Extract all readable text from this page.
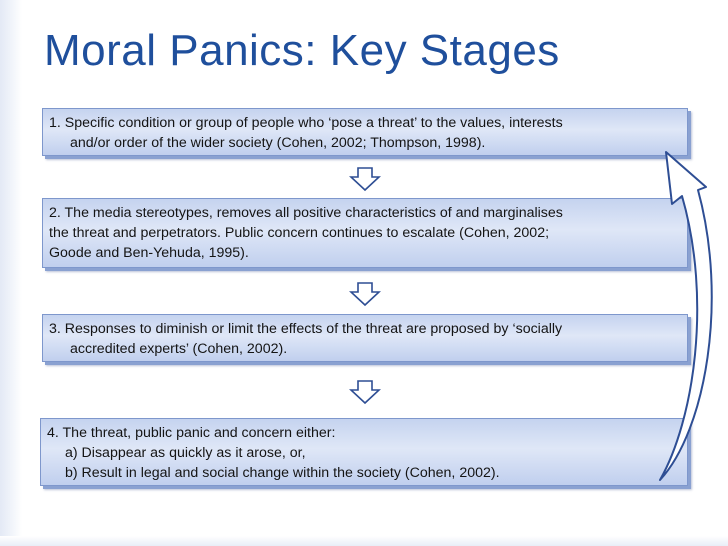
Moral Panics: Key Stages
1. Specific condition or group of people who ‘pose a threat’ to the values, interests
and/or order of the wider society (Cohen, 2002; Thompson, 1998).
2. The media stereotypes, removes all positive characteristics of and marginalises
the threat and perpetrators. Public concern continues to escalate (Cohen, 2002;
Goode and Ben-Yehuda, 1995).
3. Responses to diminish or limit the effects of the threat are proposed by ‘socially
accredited experts’ (Cohen, 2002).
4. The threat, public panic and concern either:
a) Disappear as quickly as it arose, or,
b) Result in legal and social change within the society (Cohen, 2002).
